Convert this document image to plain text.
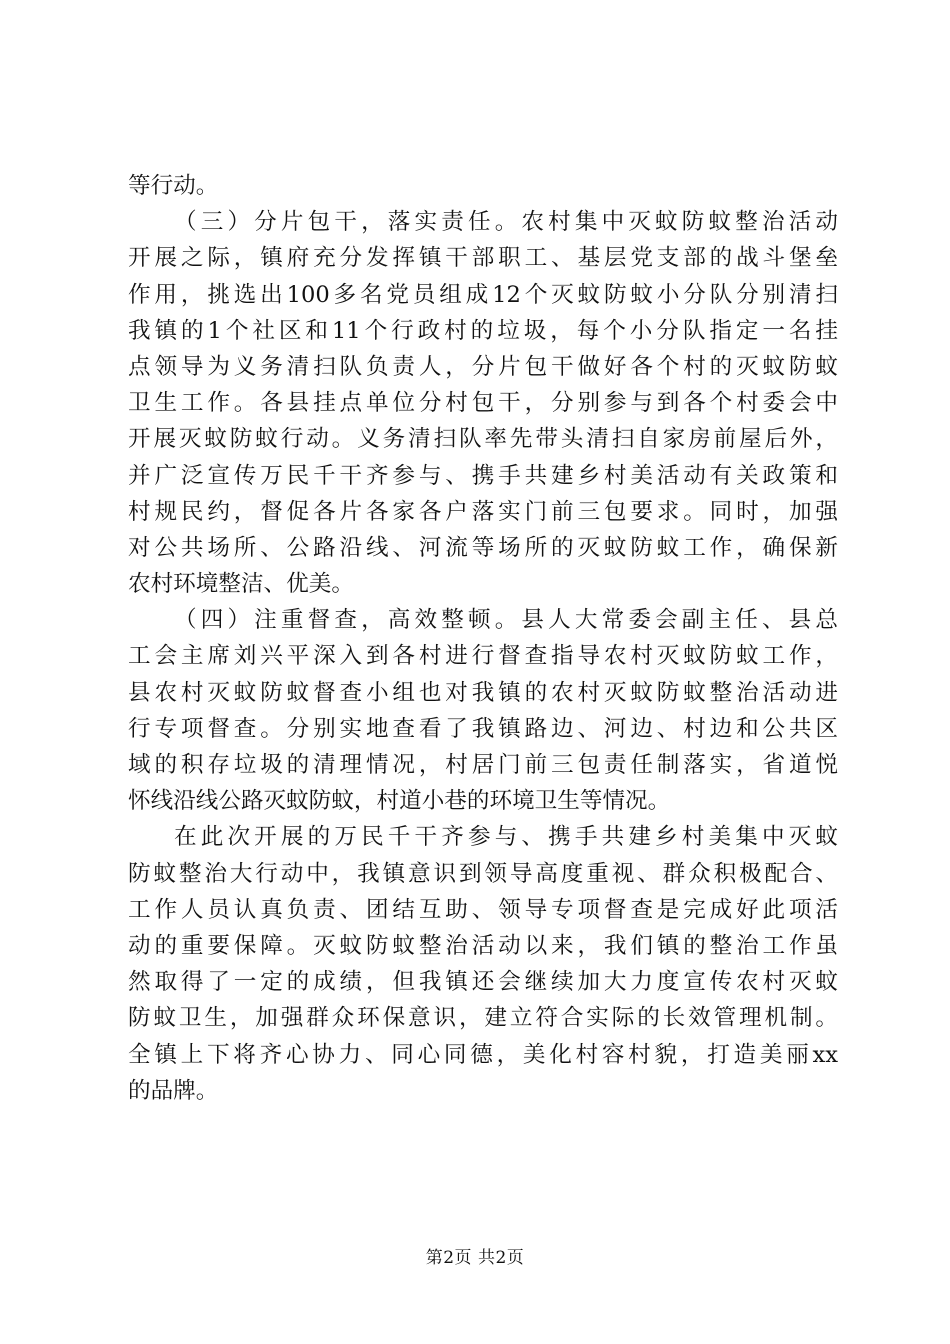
等行动。
（三）分片包干，落实责任。农村集中灭蚊防蚊整治活动
开展之际，镇府充分发挥镇干部职工、基层党支部的战斗堡垒
作用，挑选出100多名党员组成12个灭蚊防蚊小分队分别清扫
我镇的1个社区和11个行政村的垃圾，每个小分队指定一名挂
点领导为义务清扫队负责人，分片包干做好各个村的灭蚊防蚊
卫生工作。各县挂点单位分村包干，分别参与到各个村委会中
开展灭蚊防蚊行动。义务清扫队率先带头清扫自家房前屋后外，
并广泛宣传万民千干齐参与、携手共建乡村美活动有关政策和
村规民约，督促各片各家各户落实门前三包要求。同时，加强
对公共场所、公路沿线、河流等场所的灭蚊防蚊工作，确保新
农村环境整洁、优美。
（四）注重督查，高效整顿。县人大常委会副主任、县总
工会主席刘兴平深入到各村进行督查指导农村灭蚊防蚊工作，
县农村灭蚊防蚊督查小组也对我镇的农村灭蚊防蚊整治活动进
行专项督查。分别实地查看了我镇路边、河边、村边和公共区
域的积存垃圾的清理情况，村居门前三包责任制落实，省道悦
怀线沿线公路灭蚊防蚊，村道小巷的环境卫生等情况。
在此次开展的万民千干齐参与、携手共建乡村美集中灭蚊
防蚊整治大行动中，我镇意识到领导高度重视、群众积极配合、
工作人员认真负责、团结互助、领导专项督查是完成好此项活
动的重要保障。灭蚊防蚊整治活动以来，我们镇的整治工作虽
然取得了一定的成绩，但我镇还会继续加大力度宣传农村灭蚊
防蚊卫生，加强群众环保意识，建立符合实际的长效管理机制。
全镇上下将齐心协力、同心同德，美化村容村貌，打造美丽xx
的品牌。
第2页 共2页
